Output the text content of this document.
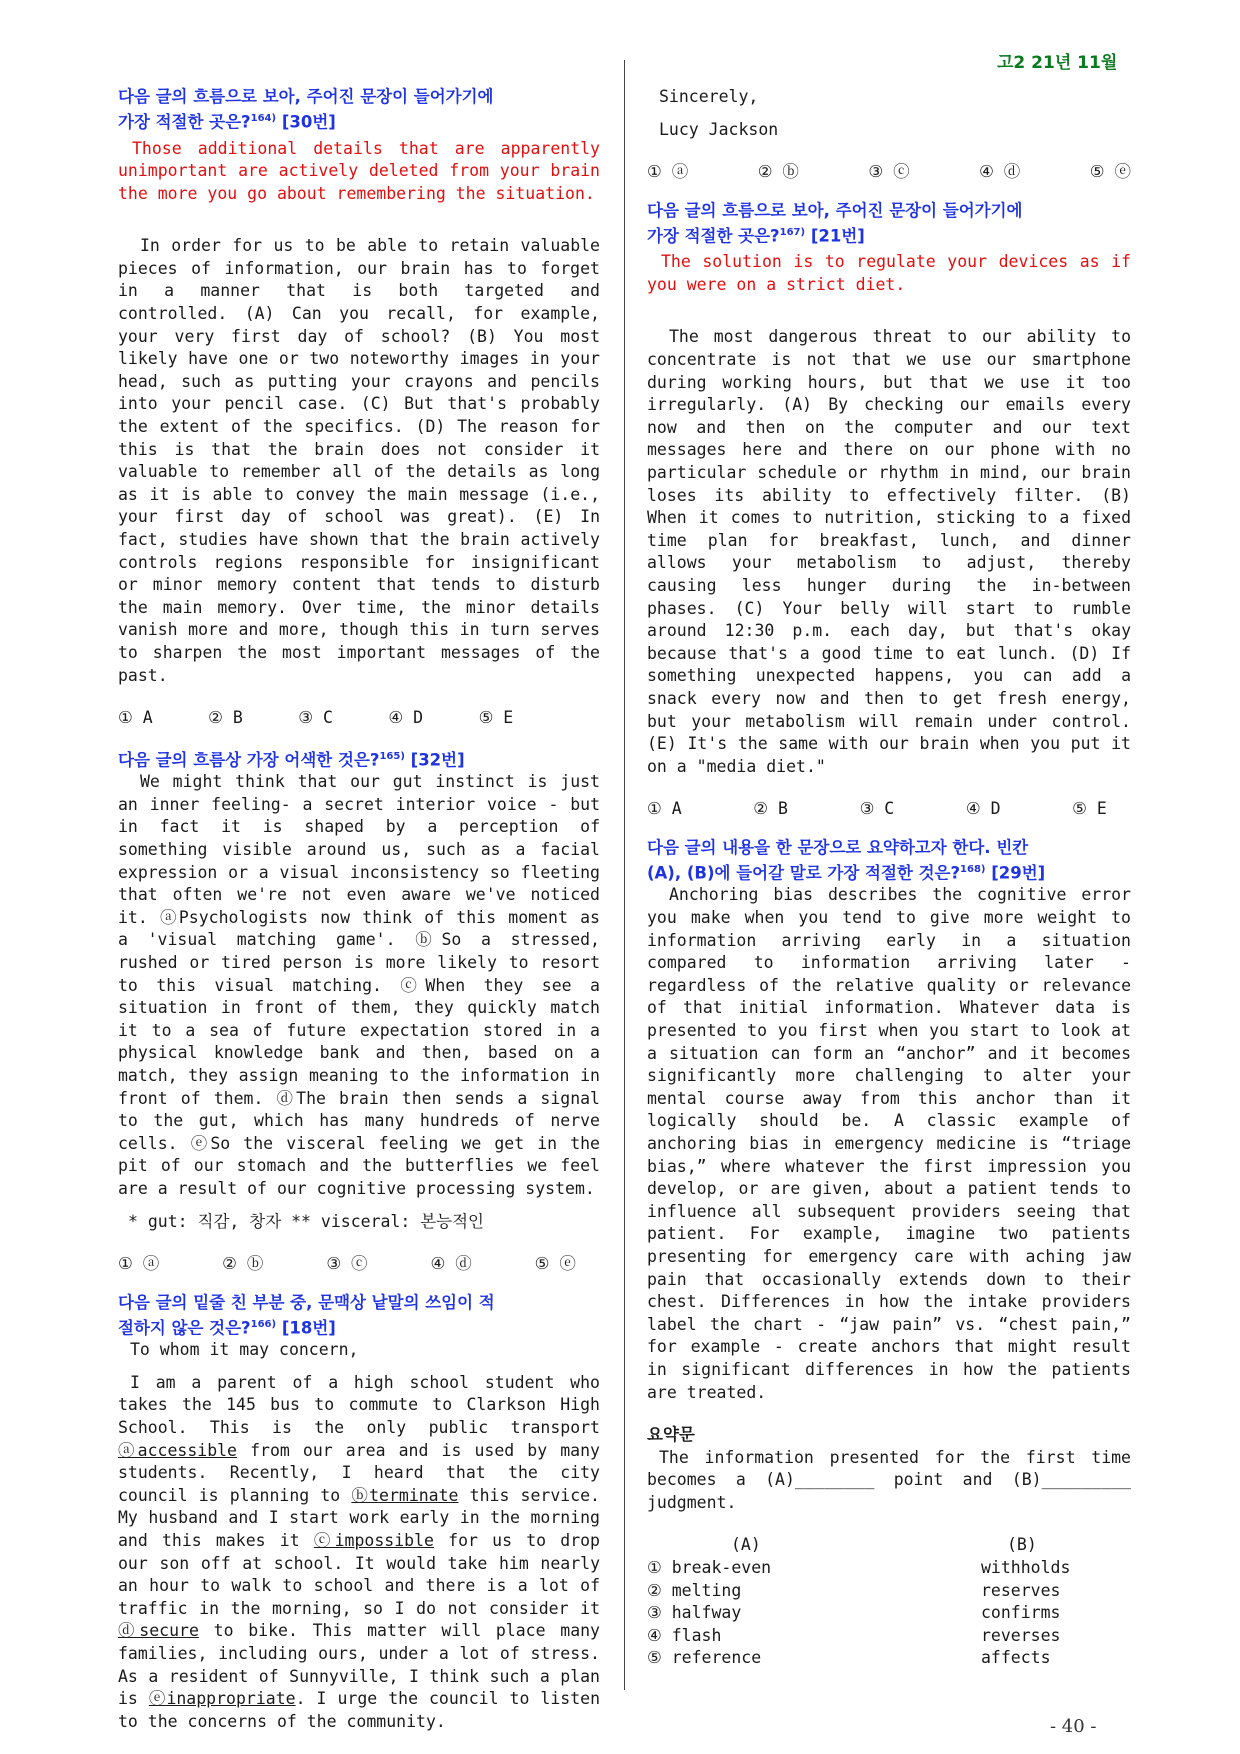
고2 21년 11월

다음 글의 흐름으로 보아, 주어진 문장이 들어가기에
가장 적절한 곳은?$^{164)}$ [30번]

Those additional details that are apparently unimportant are actively deleted from your brain the more you go about remembering the situation.

In order for us to be able to retain valuable pieces of information, our brain has to forget in a manner that is both targeted and controlled. (A) Can you recall, for example, your very first day of school? (B) You most likely have one or two noteworthy images in your head, such as putting your crayons and pencils into your pencil case. (C) But that's probably the extent of the specifics. (D) The reason for this is that the brain does not consider it valuable to remember all of the details as long as it is able to convey the main message (i.e., your first day of school was great). (E) In fact, studies have shown that the brain actively controls regions responsible for insignificant or minor memory content that tends to disturb the main memory. Over time, the minor details vanish more and more, though this in turn serves to sharpen the most important messages of the past.

① A	② B	③ C	④ D	⑤ E

다음 글의 흐름상 가장 어색한 것은?$^{165)}$ [32번]

We might think that our gut instinct is just an inner feeling- a secret interior voice - but in fact it is shaped by a perception of something visible around us, such as a facial expression or a visual inconsistency so fleeting that often we're not even aware we've noticed it. ⓐPsychologists now think of this moment as a 'visual matching game'. ⓑSo a stressed, rushed or tired person is more likely to resort to this visual matching. ⓒWhen they see a situation in front of them, they quickly match it to a sea of future expectation stored in a physical knowledge bank and then, based on a match, they assign meaning to the information in front of them. ⓓThe brain then sends a signal to the gut, which has many hundreds of nerve cells. ⓔSo the visceral feeling we get in the pit of our stomach and the butterflies we feel are a result of our cognitive processing system.

* gut: 직감, 창자 ** visceral: 본능적인

① ⓐ	② ⓑ	③ ⓒ	④ ⓓ	⑤ ⓔ

다음 글의 밑줄 친 부분 중, 문맥상 낱말의 쓰임이 적
절하지 않은 것은?$^{166)}$ [18번]

To whom it may concern,

I am a parent of a high school student who takes the 145 bus to commute to Clarkson High School. This is the only public transport ⓐaccessible from our area and is used by many students. Recently, I heard that the city council is planning to ⓑterminate this service. My husband and I start work early in the morning and this makes it ⓒimpossible for us to drop our son off at school. It would take him nearly an hour to walk to school and there is a lot of traffic in the morning, so I do not consider it ⓓsecure to bike. This matter will place many families, including ours, under a lot of stress. As a resident of Sunnyville, I think such a plan is ⓔinappropriate. I urge the council to listen to the concerns of the community.

Sincerely,

Lucy Jackson

① ⓐ	② ⓑ	③ ⓒ	④ ⓓ	⑤ ⓔ

다음 글의 흐름으로 보아, 주어진 문장이 들어가기에
가장 적절한 곳은?$^{167)}$ [21번]

The solution is to regulate your devices as if you were on a strict diet.

The most dangerous threat to our ability to concentrate is not that we use our smartphone during working hours, but that we use it too irregularly. (A) By checking our emails every now and then on the computer and our text messages here and there on our phone with no particular schedule or rhythm in mind, our brain loses its ability to effectively filter. (B) When it comes to nutrition, sticking to a fixed time plan for breakfast, lunch, and dinner allows your metabolism to adjust, thereby causing less hunger during the in-between phases. (C) Your belly will start to rumble around 12:30 p.m. each day, but that's okay because that's a good time to eat lunch. (D) If something unexpected happens, you can add a snack every now and then to get fresh energy, but your metabolism will remain under control. (E) It's the same with our brain when you put it on a "media diet."

① A	② B	③ C	④ D	⑤ E

다음 글의 내용을 한 문장으로 요약하고자 한다. 빈칸
(A), (B)에 들어갈 말로 가장 적절한 것은?$^{168)}$ [29번]

Anchoring bias describes the cognitive error you make when you tend to give more weight to information arriving early in a situation compared to information arriving later - regardless of the relative quality or relevance of that initial information. Whatever data is presented to you first when you start to look at a situation can form an “anchor” and it becomes significantly more challenging to alter your mental course away from this anchor than it logically should be. A classic example of anchoring bias in emergency medicine is “triage bias,” where whatever the first impression you develop, or are given, about a patient tends to influence all subsequent providers seeing that patient. For example, imagine two patients presenting for emergency care with aching jaw pain that occasionally extends down to their chest. Differences in how the intake providers label the chart - “jaw pain” vs. “chest pain,” for example - create anchors that might result in significant differences in how the patients are treated.

요약문

The information presented for the first time becomes a (A)________ point and (B)_________ judgment.

(A)	(B)
① break-even	withholds
② melting	reserves
③ halfway	confirms
④ flash	reverses
⑤ reference	affects
- 40 -
